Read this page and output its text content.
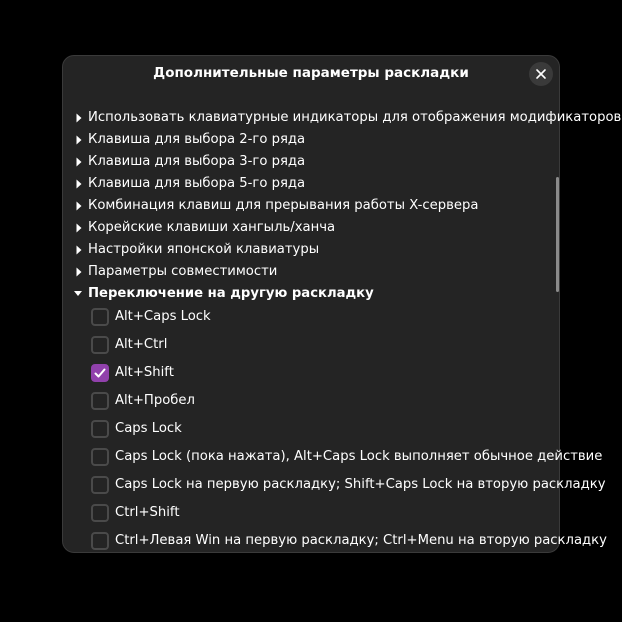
Дополнительные параметры раскладки
Использовать клавиатурные индикаторы для отображения модификаторов
Клавиша для выбора 2-го ряда
Клавиша для выбора 3-го ряда
Клавиша для выбора 5-го ряда
Комбинация клавиш для прерывания работы X-сервера
Корейские клавиши хангыль/ханча
Настройки японской клавиатуры
Параметры совместимости
Переключение на другую раскладку
Alt+Caps Lock
Alt+Ctrl
Alt+Shift
Alt+Пробел
Caps Lock
Caps Lock (пока нажата), Alt+Caps Lock выполняет обычное действие
Caps Lock на первую раскладку; Shift+Caps Lock на вторую раскладку
Ctrl+Shift
Ctrl+Левая Win на первую раскладку; Ctrl+Menu на вторую раскладку
